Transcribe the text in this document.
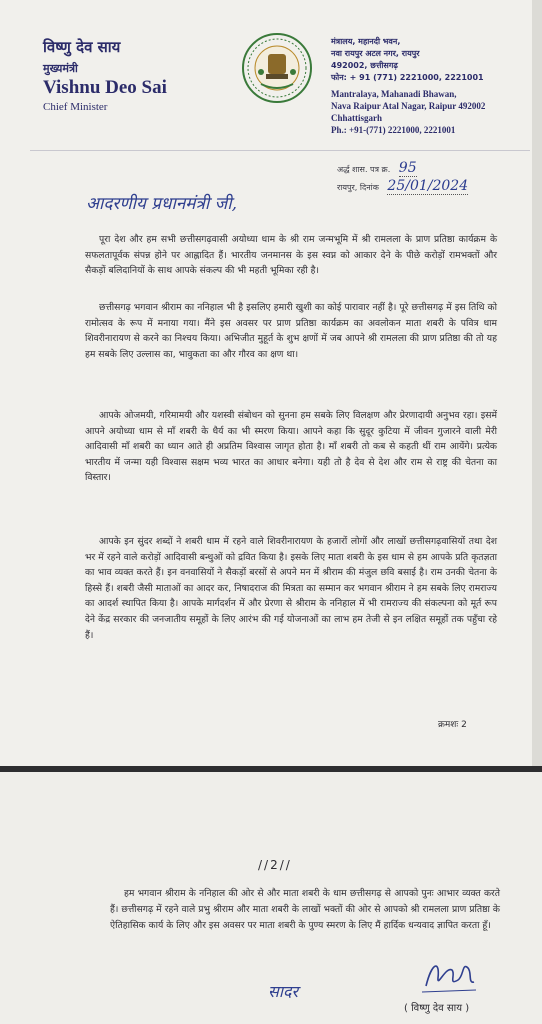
विष्णु देव साय
मुख्यमंत्री
Vishnu Deo Sai
Chief Minister
मंत्रालय, महानदी भवन,
नवा रायपुर अटल नगर, रायपुर
492002, छत्तीसगढ़
फोन: + 91 (771) 2221000, 2221001
Mantralaya, Mahanadi Bhawan,
Nava Raipur Atal Nagar, Raipur 492002
Chhattisgarh
Ph.: +91-(771) 2221000, 2221001
अर्द्ध शास. पत्र क्र. 95
रायपुर, दिनांक 25/01/2024
आदरणीय प्रधानमंत्री जी,
पूरा देश और हम सभी छत्तीसगढ़वासी अयोध्या धाम के श्री राम जन्मभूमि में श्री रामलला के प्राण प्रतिष्ठा कार्यक्रम के सफलतापूर्वक संपन्न होने पर आह्लादित हैं। भारतीय जनमानस के इस स्वप्न को आकार देने के पीछे करोड़ों रामभक्तों और सैकड़ों बलिदानियों के साथ आपके संकल्प की भी महती भूमिका रही है।
छत्तीसगढ़ भगवान श्रीराम का ननिहाल भी है इसलिए हमारी खुशी का कोई पारावार नहीं है। पूरे छत्तीसगढ़ में इस तिथि को रामोत्सव के रूप में मनाया गया। मैंने इस अवसर पर प्राण प्रतिष्ठा कार्यक्रम का अवलोकन माता शबरी के पवित्र धाम शिवरीनारायण से करने का निश्चय किया। अभिजीत मुहूर्त के शुभ क्षणों में जब आपने श्री रामलला की प्राण प्रतिष्ठा की तो यह हम सबके लिए उल्लास का, भावुकता का और गौरव का क्षण था।
आपके ओजमयी, गरिमामयी और यशस्वी संबोधन को सुनना हम सबके लिए विलक्षण और प्रेरणादायी अनुभव रहा। इसमें आपने अयोध्या धाम से माँ शबरी के धैर्य का भी स्मरण किया। आपने कहा कि सुदूर कुटिया में जीवन गुजारने वाली मेरी आदिवासी माँ शबरी का ध्यान आते ही अप्रतिम विश्वास जागृत होता है। माँ शबरी तो कब से कहती थीं राम आयेंगे। प्रत्येक भारतीय में जन्मा यही विश्वास सक्षम भव्य भारत का आधार बनेगा। यही तो है देव से देश और राम से राष्ट्र की चेतना का विस्तार।
आपके इन सुंदर शब्दों ने शबरी धाम में रहने वाले शिवरीनारायण के हजारों लोगों और लाखों छत्तीसगढ़वासियों तथा देश भर में रहने वाले करोड़ों आदिवासी बन्धुओं को द्रवित किया है। इसके लिए माता शबरी के इस धाम से हम आपके प्रति कृतज्ञता का भाव व्यक्त करते हैं। इन वनवासियों ने सैकड़ों बरसों से अपने मन में श्रीराम की मंजुल छवि बसाई है। राम उनकी चेतना के हिस्से हैं। शबरी जैसी माताओं का आदर कर, निषादराज की मित्रता का सम्मान कर भगवान श्रीराम ने हम सबके लिए रामराज्य का आदर्श स्थापित किया है। आपके मार्गदर्शन में और प्रेरणा से श्रीराम के ननिहाल में भी रामराज्य की संकल्पना को मूर्त रूप देने केंद्र सरकार की जनजातीय समूहों के लिए आरंभ की गई योजनाओं का लाभ हम तेजी से इन लक्षित समूहों तक पहुँचा रहे हैं।
क्रमशः 2
//2//
हम भगवान श्रीराम के ननिहाल की ओर से और माता शबरी के धाम छत्तीसगढ़ से आपको पुनः आभार व्यक्त करते हैं। छत्तीसगढ़ में रहने वाले प्रभु श्रीराम और माता शबरी के लाखों भक्तों की ओर से आपको श्री रामलला प्राण प्रतिष्ठा के ऐतिहासिक कार्य के लिए और इस अवसर पर माता शबरी के पुण्य स्मरण के लिए मैं हार्दिक धन्यवाद ज्ञापित करता हूँ।
सादर
( विष्णु देव साय )
